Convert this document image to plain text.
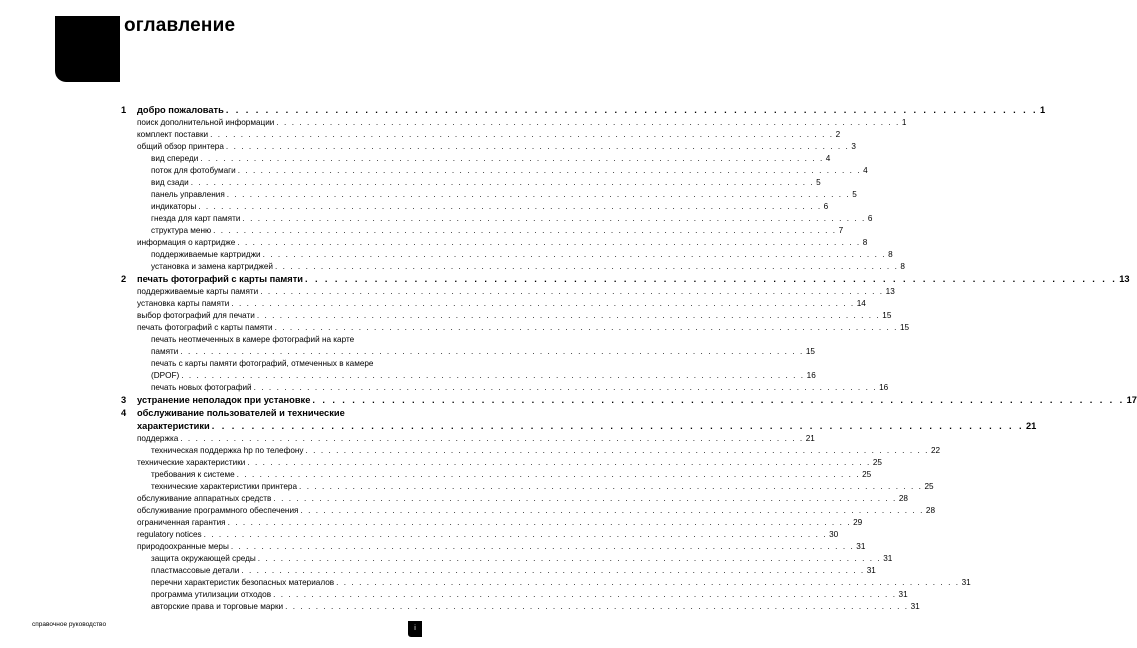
оглавление
1 добро пожаловать . . . . . . . . . . . . . . . . . . . . . . . . . . . . . . . . . . . . . . . . . . . . . . . . . . . . . . . . . . . . . . . . . . . . . . . . . . . . . . . . . . 1
поиск дополнительной информации . . . . . . . . . . . . . . . . . . . . . . . . . . . . . . . . . . . . . . . . . . . . . . . . . . . . . . . . . . . . . . . . . . . . . . . . . . . . . . . . . . 1
комплект поставки . . . . . . . . . . . . . . . . . . . . . . . . . . . . . . . . . . . . . . . . . . . . . . . . . . . . . . . . . . . . . . . . . . . . . . . . . . . . . . . . . . 2
общий обзор принтера . . . . . . . . . . . . . . . . . . . . . . . . . . . . . . . . . . . . . . . . . . . . . . . . . . . . . . . . . . . . . . . . . . . . . . . . . . . . . . . . . . 3
вид спереди . . . . . . . . . . . . . . . . . . . . . . . . . . . . . . . . . . . . . . . . . . . . . . . . . . . . . . . . . . . . . . . . . . . . . . . . . . . . . . . . . . 4
поток для фотобумаги . . . . . . . . . . . . . . . . . . . . . . . . . . . . . . . . . . . . . . . . . . . . . . . . . . . . . . . . . . . . . . . . . . . . . . . . . . . . . . . . . . 4
вид сзади . . . . . . . . . . . . . . . . . . . . . . . . . . . . . . . . . . . . . . . . . . . . . . . . . . . . . . . . . . . . . . . . . . . . . . . . . . . . . . . . . . 5
панель управления . . . . . . . . . . . . . . . . . . . . . . . . . . . . . . . . . . . . . . . . . . . . . . . . . . . . . . . . . . . . . . . . . . . . . . . . . . . . . . . . . . 5
индикаторы . . . . . . . . . . . . . . . . . . . . . . . . . . . . . . . . . . . . . . . . . . . . . . . . . . . . . . . . . . . . . . . . . . . . . . . . . . . . . . . . . . 6
гнезда для карт памяти . . . . . . . . . . . . . . . . . . . . . . . . . . . . . . . . . . . . . . . . . . . . . . . . . . . . . . . . . . . . . . . . . . . . . . . . . . . . . . . . . . 6
структура меню . . . . . . . . . . . . . . . . . . . . . . . . . . . . . . . . . . . . . . . . . . . . . . . . . . . . . . . . . . . . . . . . . . . . . . . . . . . . . . . . . . 7
информация о картридже . . . . . . . . . . . . . . . . . . . . . . . . . . . . . . . . . . . . . . . . . . . . . . . . . . . . . . . . . . . . . . . . . . . . . . . . . . . . . . . . . . 8
поддерживаемые картриджи . . . . . . . . . . . . . . . . . . . . . . . . . . . . . . . . . . . . . . . . . . . . . . . . . . . . . . . . . . . . . . . . . . . . . . . . . . . . . . . . . . 8
установка и замена картриджей . . . . . . . . . . . . . . . . . . . . . . . . . . . . . . . . . . . . . . . . . . . . . . . . . . . . . . . . . . . . . . . . . . . . . . . . . . . . . . . . . . 8
2 печать фотографий с карты памяти . . . . . . . . . . . . . . . . . . . . . . . . . . . . . . . . . . . . . . . . . . . . . . . . . . . . . . . . . . . . . . . . . . . . . . . . . . . . . . . . . . 13
поддерживаемые карты памяти . . . . . . . . . . . . . . . . . . . . . . . . . . . . . . . . . . . . . . . . . . . . . . . . . . . . . . . . . . . . . . . . . . . . . . . . . . . . . . . . . . 13
установка карты памяти . . . . . . . . . . . . . . . . . . . . . . . . . . . . . . . . . . . . . . . . . . . . . . . . . . . . . . . . . . . . . . . . . . . . . . . . . . . . . . . . . . 14
выбор фотографий для печати . . . . . . . . . . . . . . . . . . . . . . . . . . . . . . . . . . . . . . . . . . . . . . . . . . . . . . . . . . . . . . . . . . . . . . . . . . . . . . . . . . 15
печать фотографий с карты памяти . . . . . . . . . . . . . . . . . . . . . . . . . . . . . . . . . . . . . . . . . . . . . . . . . . . . . . . . . . . . . . . . . . . . . . . . . . . . . . . . . . 15
печать неотмеченных в камере фотографий на карте
памяти . . . . . . . . . . . . . . . . . . . . . . . . . . . . . . . . . . . . . . . . . . . . . . . . . . . . . . . . . . . . . . . . . . . . . . . . . . . . . . . . . . 15
печать с карты памяти фотографий, отмеченных в камере
(DPOF) . . . . . . . . . . . . . . . . . . . . . . . . . . . . . . . . . . . . . . . . . . . . . . . . . . . . . . . . . . . . . . . . . . . . . . . . . . . . . . . . . . 16
печать новых фотографий . . . . . . . . . . . . . . . . . . . . . . . . . . . . . . . . . . . . . . . . . . . . . . . . . . . . . . . . . . . . . . . . . . . . . . . . . . . . . . . . . . 16
3 устранение неполадок при установке . . . . . . . . . . . . . . . . . . . . . . . . . . . . . . . . . . . . . . . . . . . . . . . . . . . . . . . . . . . . . . . . . . . . . . . . . . . . . . . . . . 17
4 обслуживание пользователей и технические
характеристики . . . . . . . . . . . . . . . . . . . . . . . . . . . . . . . . . . . . . . . . . . . . . . . . . . . . . . . . . . . . . . . . . . . . . . . . . . . . . . . . . . 21
поддержка . . . . . . . . . . . . . . . . . . . . . . . . . . . . . . . . . . . . . . . . . . . . . . . . . . . . . . . . . . . . . . . . . . . . . . . . . . . . . . . . . . 21
техническая поддержка hp по телефону . . . . . . . . . . . . . . . . . . . . . . . . . . . . . . . . . . . . . . . . . . . . . . . . . . . . . . . . . . . . . . . . . . . . . . . . . . . . . . . . . . 22
технические характеристики . . . . . . . . . . . . . . . . . . . . . . . . . . . . . . . . . . . . . . . . . . . . . . . . . . . . . . . . . . . . . . . . . . . . . . . . . . . . . . . . . . 25
требования к системе . . . . . . . . . . . . . . . . . . . . . . . . . . . . . . . . . . . . . . . . . . . . . . . . . . . . . . . . . . . . . . . . . . . . . . . . . . . . . . . . . . 25
технические характеристики принтера . . . . . . . . . . . . . . . . . . . . . . . . . . . . . . . . . . . . . . . . . . . . . . . . . . . . . . . . . . . . . . . . . . . . . . . . . . . . . . . . . . 25
обслуживание аппаратных средств . . . . . . . . . . . . . . . . . . . . . . . . . . . . . . . . . . . . . . . . . . . . . . . . . . . . . . . . . . . . . . . . . . . . . . . . . . . . . . . . . . 28
обслуживание программного обеспечения . . . . . . . . . . . . . . . . . . . . . . . . . . . . . . . . . . . . . . . . . . . . . . . . . . . . . . . . . . . . . . . . . . . . . . . . . . . . . . . . . . 28
ограниченная гарантия . . . . . . . . . . . . . . . . . . . . . . . . . . . . . . . . . . . . . . . . . . . . . . . . . . . . . . . . . . . . . . . . . . . . . . . . . . . . . . . . . . 29
regulatory notices . . . . . . . . . . . . . . . . . . . . . . . . . . . . . . . . . . . . . . . . . . . . . . . . . . . . . . . . . . . . . . . . . . . . . . . . . . . . . . . . . . 30
природоохранные меры . . . . . . . . . . . . . . . . . . . . . . . . . . . . . . . . . . . . . . . . . . . . . . . . . . . . . . . . . . . . . . . . . . . . . . . . . . . . . . . . . . 31
защита окружающей среды . . . . . . . . . . . . . . . . . . . . . . . . . . . . . . . . . . . . . . . . . . . . . . . . . . . . . . . . . . . . . . . . . . . . . . . . . . . . . . . . . . 31
пластмассовые детали . . . . . . . . . . . . . . . . . . . . . . . . . . . . . . . . . . . . . . . . . . . . . . . . . . . . . . . . . . . . . . . . . . . . . . . . . . . . . . . . . . 31
перечни характеристик безопасных материалов . . . . . . . . . . . . . . . . . . . . . . . . . . . . . . . . . . . . . . . . . . . . . . . . . . . . . . . . . . . . . . . . . . . . . . . . . . . . . . . . . . 31
программа утилизации отходов . . . . . . . . . . . . . . . . . . . . . . . . . . . . . . . . . . . . . . . . . . . . . . . . . . . . . . . . . . . . . . . . . . . . . . . . . . . . . . . . . . 31
авторские права и торговые марки . . . . . . . . . . . . . . . . . . . . . . . . . . . . . . . . . . . . . . . . . . . . . . . . . . . . . . . . . . . . . . . . . . . . . . . . . . . . . . . . . . 31
справочное руководство
i
